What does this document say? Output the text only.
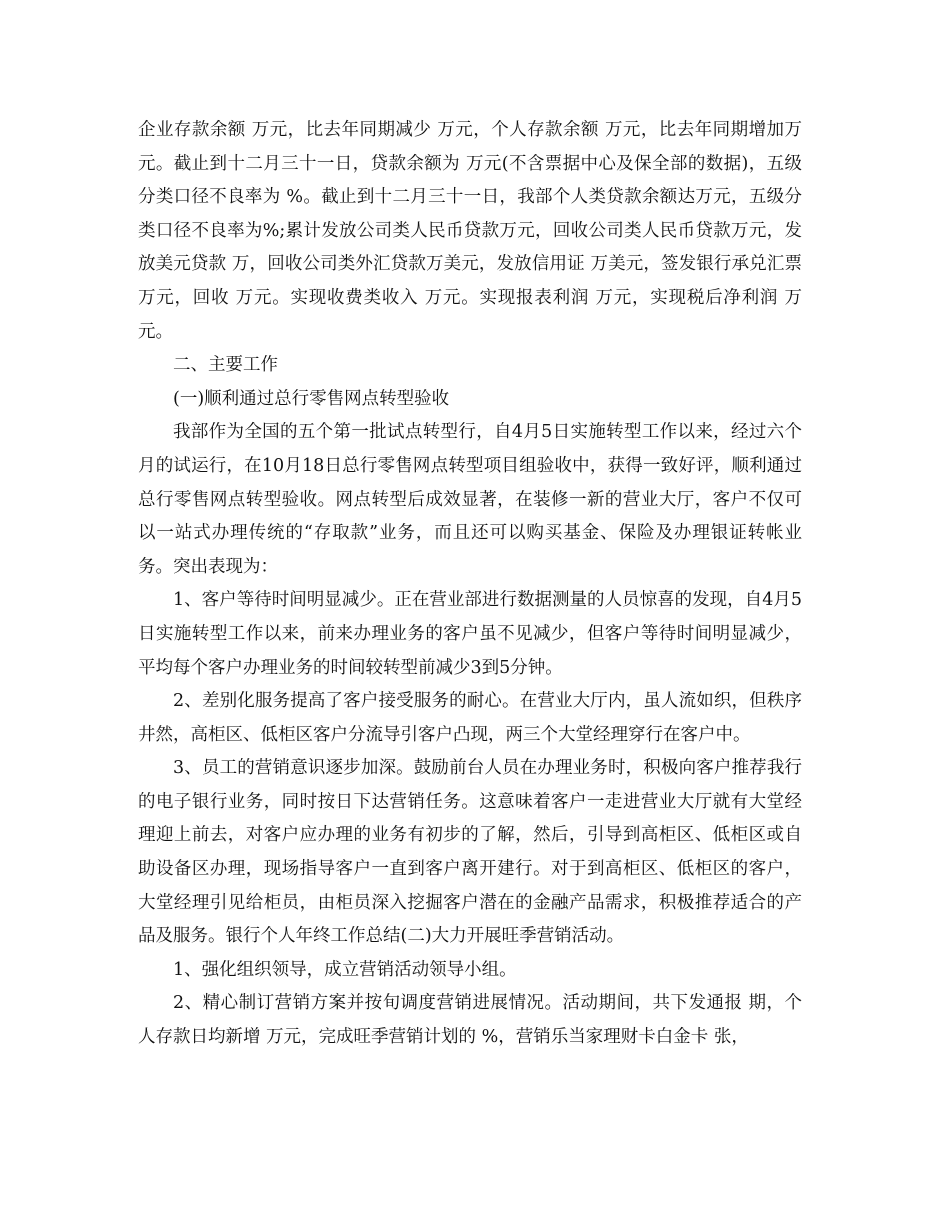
企业存款余额 万元，比去年同期减少 万元，个人存款余额 万元，比去年同期增加万元。截止到十二月三十一日，贷款余额为 万元(不含票据中心及保全部的数据)，五级分类口径不良率为 %。截止到十二月三十一日，我部个人类贷款余额达万元，五级分类口径不良率为%;累计发放公司类人民币贷款万元，回收公司类人民币贷款万元，发放美元贷款 万，回收公司类外汇贷款万美元，发放信用证 万美元，签发银行承兑汇票 万元，回收 万元。实现收费类收入 万元。实现报表利润 万元，实现税后净利润 万元。

二、主要工作

(一)顺利通过总行零售网点转型验收

我部作为全国的五个第一批试点转型行，自4月5日实施转型工作以来，经过六个月的试运行，在10月18日总行零售网点转型项目组验收中，获得一致好评，顺利通过总行零售网点转型验收。网点转型后成效显著，在装修一新的营业大厅，客户不仅可以一站式办理传统的“存取款”业务，而且还可以购买基金、保险及办理银证转帐业务。突出表现为：

1、客户等待时间明显减少。正在营业部进行数据测量的人员惊喜的发现，自4月5日实施转型工作以来，前来办理业务的客户虽不见减少，但客户等待时间明显减少，平均每个客户办理业务的时间较转型前减少3到5分钟。

2、差别化服务提高了客户接受服务的耐心。在营业大厅内，虽人流如织，但秩序井然，高柜区、低柜区客户分流导引客户凸现，两三个大堂经理穿行在客户中。

3、员工的营销意识逐步加深。鼓励前台人员在办理业务时，积极向客户推荐我行的电子银行业务，同时按日下达营销任务。这意味着客户一走进营业大厅就有大堂经理迎上前去，对客户应办理的业务有初步的了解，然后，引导到高柜区、低柜区或自助设备区办理，现场指导客户一直到客户离开建行。对于到高柜区、低柜区的客户，大堂经理引见给柜员，由柜员深入挖掘客户潜在的金融产品需求，积极推荐适合的产品及服务。银行个人年终工作总结(二)大力开展旺季营销活动。

1、强化组织领导，成立营销活动领导小组。

2、精心制订营销方案并按旬调度营销进展情况。活动期间，共下发通报 期，个人存款日均新增 万元，完成旺季营销计划的 %，营销乐当家理财卡白金卡 张，
